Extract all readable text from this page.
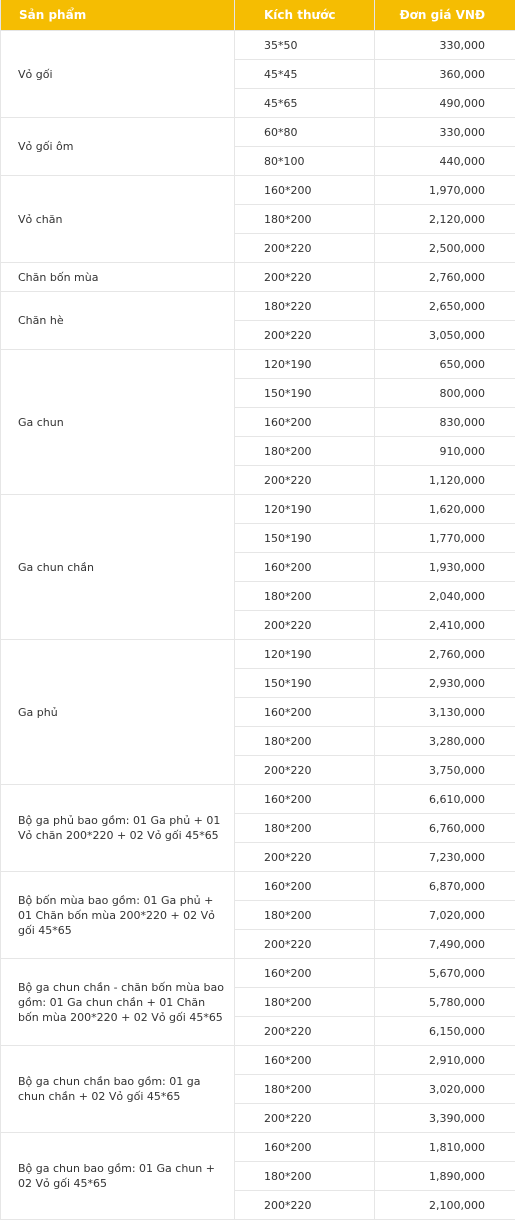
Sản phẩm	Kích thước	Đơn giá VNĐ
Vỏ gối	35*50	330,000
	45*45	360,000
	45*65	490,000
Vỏ gối ôm	60*80	330,000
	80*100	440,000
Vỏ chăn	160*200	1,970,000
	180*200	2,120,000
	200*220	2,500,000
Chăn bốn mùa	200*220	2,760,000
Chăn hè	180*220	2,650,000
	200*220	3,050,000
Ga chun	120*190	650,000
	150*190	800,000
	160*200	830,000
	180*200	910,000
	200*220	1,120,000
Ga chun chần	120*190	1,620,000
	150*190	1,770,000
	160*200	1,930,000
	180*200	2,040,000
	200*220	2,410,000
Ga phủ	120*190	2,760,000
	150*190	2,930,000
	160*200	3,130,000
	180*200	3,280,000
	200*220	3,750,000
Bộ ga phủ bao gồm: 01 Ga phủ + 01 Vỏ chăn 200*220 + 02 Vỏ gối 45*65	160*200	6,610,000
	180*200	6,760,000
	200*220	7,230,000
Bộ bốn mùa bao gồm: 01 Ga phủ + 01 Chăn bốn mùa 200*220 + 02 Vỏ gối 45*65	160*200	6,870,000
	180*200	7,020,000
	200*220	7,490,000
Bộ ga chun chần - chăn bốn mùa bao gồm: 01 Ga chun chần + 01 Chăn bốn mùa 200*220 + 02 Vỏ gối 45*65	160*200	5,670,000
	180*200	5,780,000
	200*220	6,150,000
Bộ ga chun chần bao gồm: 01 ga chun chần + 02 Vỏ gối 45*65	160*200	2,910,000
	180*200	3,020,000
	200*220	3,390,000
Bộ ga chun bao gồm: 01 Ga chun + 02 Vỏ gối 45*65	160*200	1,810,000
	180*200	1,890,000
	200*220	2,100,000
